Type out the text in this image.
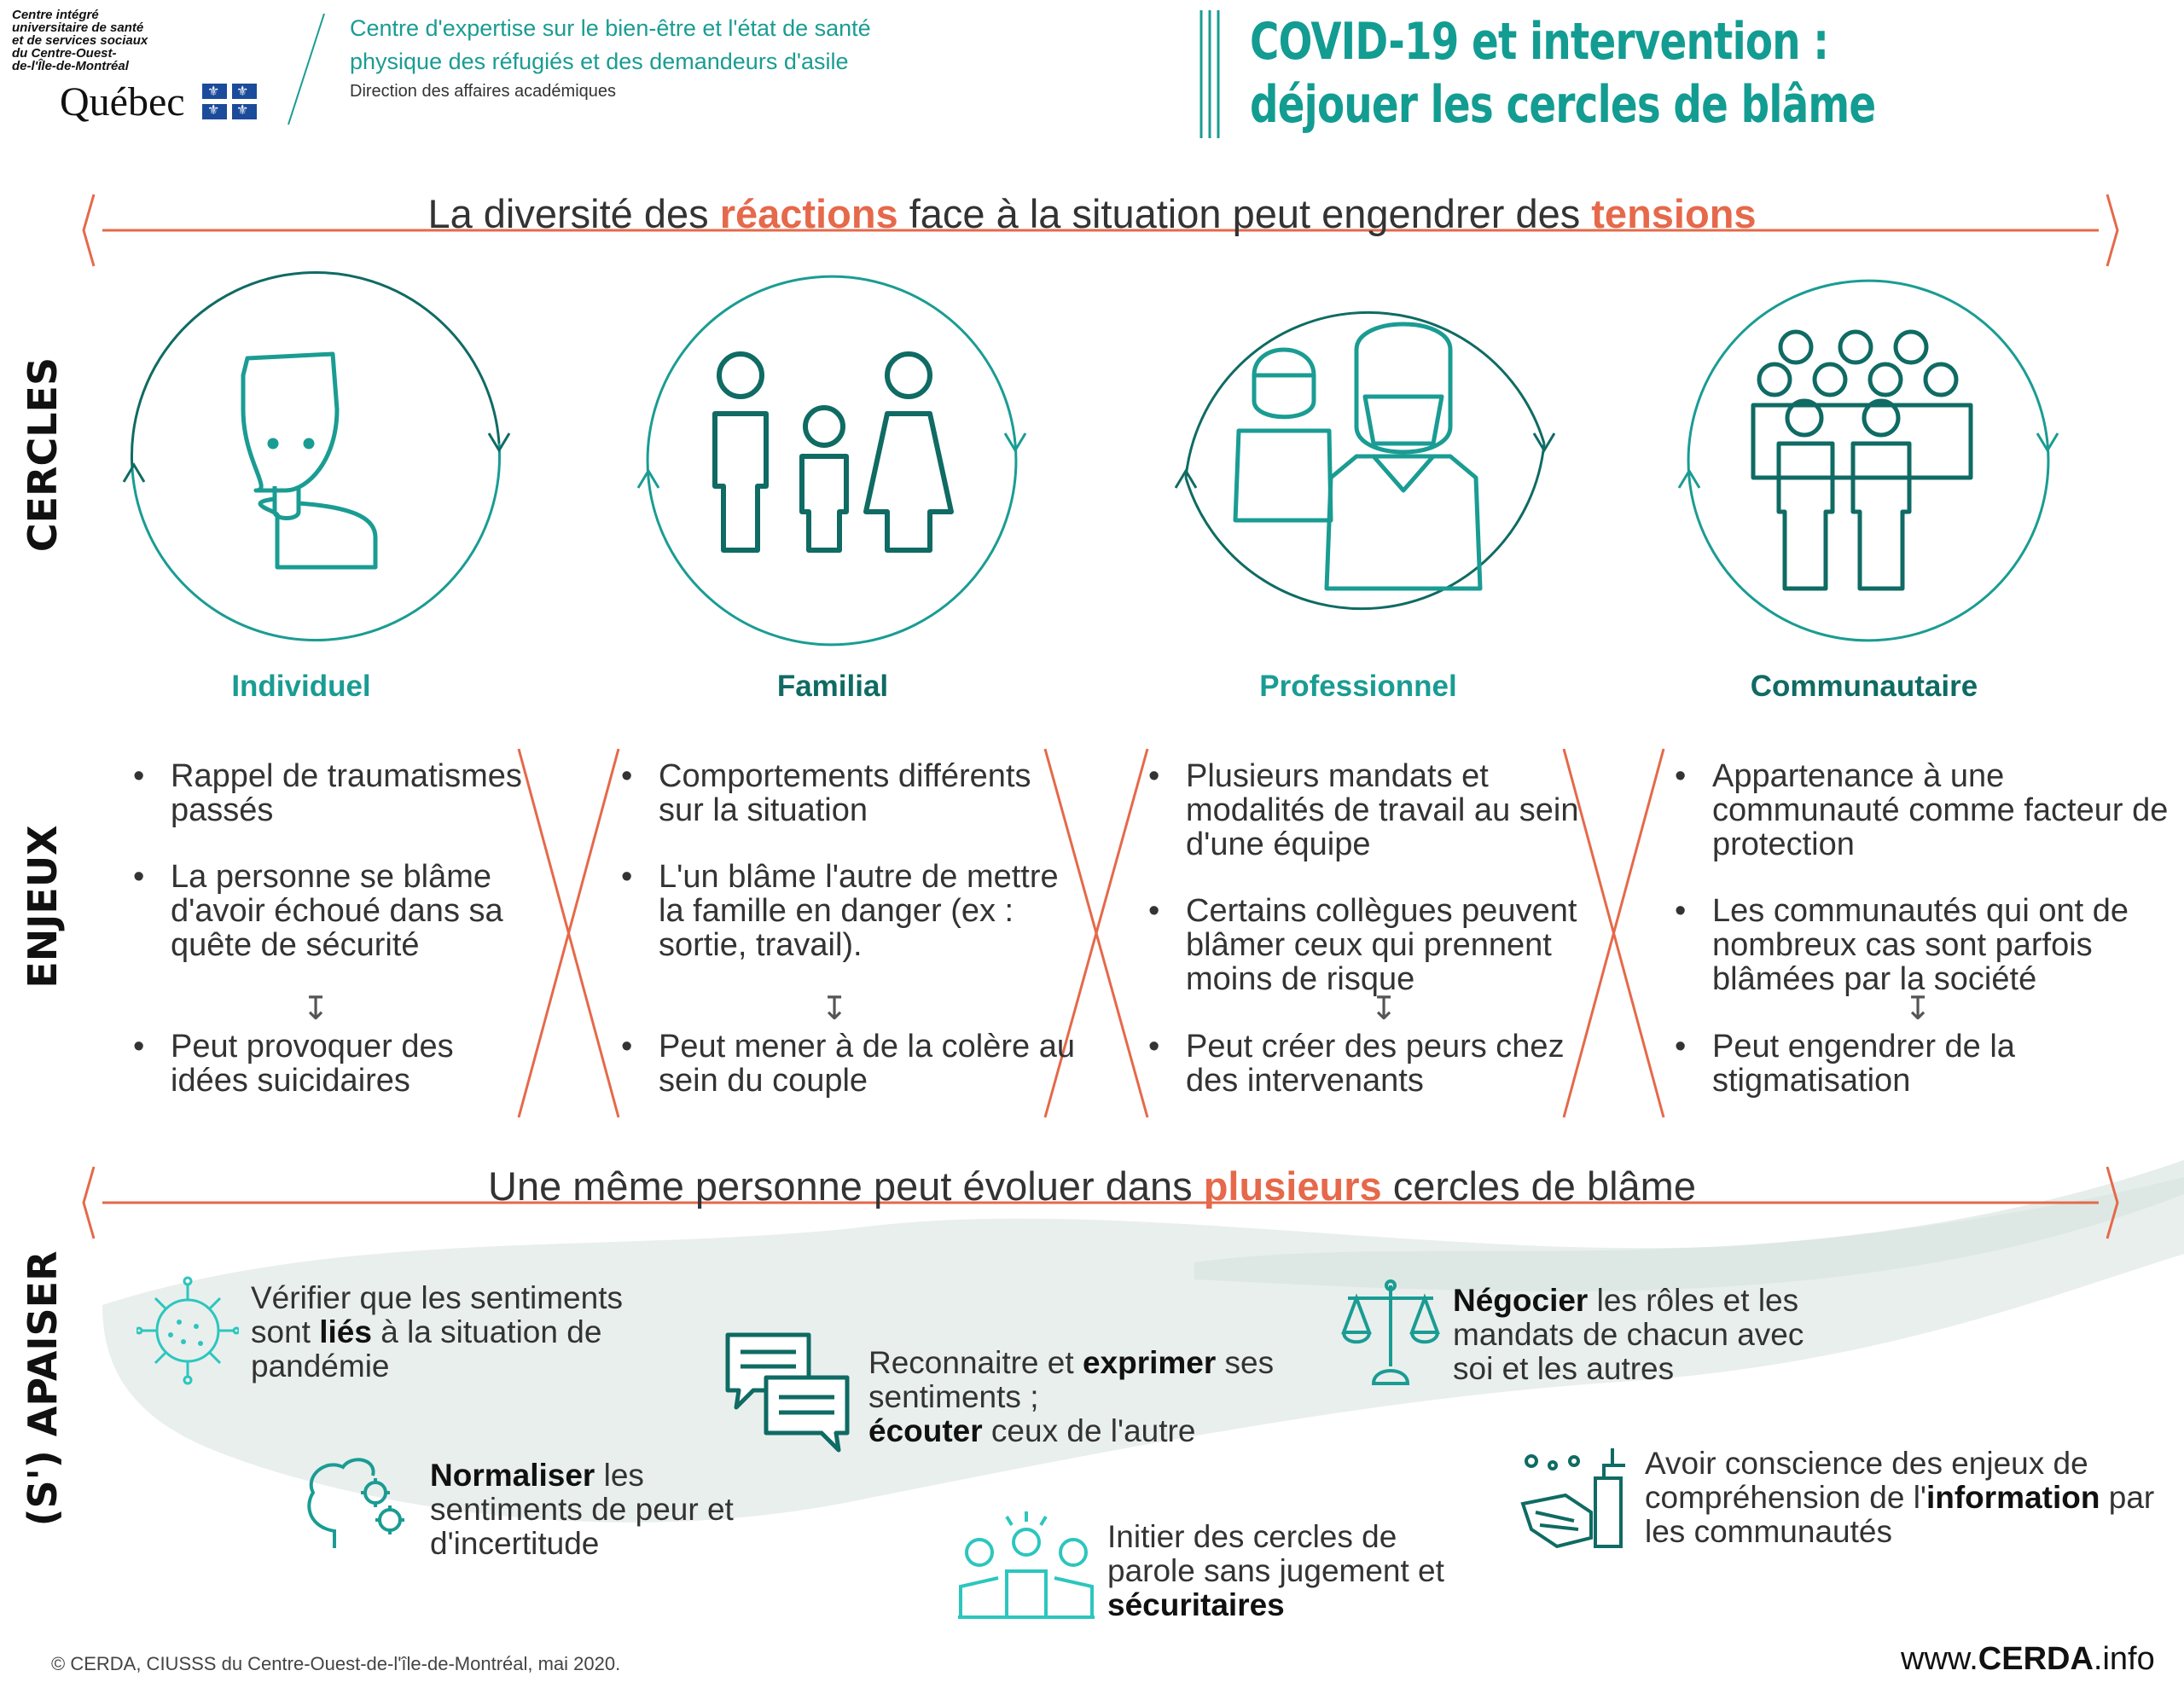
Centre intégré
universitaire de santé
et de services sociaux
du Centre-Ouest-
de-l'Île-de-Montréal
Québec ⚜ ⚜
⚜ ⚜
Centre d'expertise sur le bien-être et l'état de santé
physique des réfugiés et des demandeurs d'asile
Direction des affaires académiques
COVID-19 et intervention :
déjouer les cercles de blâme
La diversité des réactions face à la situation peut engendrer des tensions
CERCLES
ENJEUX
(S') APAISER
Individuel	Familial	Professionnel	Communautaire
• Rappel de traumatismes passés
• La personne se blâme d'avoir échoué dans sa quête de sécurité
↧
• Peut provoquer des idées suicidaires
• Comportements différents sur la situation
• L'un blâme l'autre de mettre la famille en danger (ex : sortie, travail).
↧
• Peut mener à de la colère au sein du couple
• Plusieurs mandats et modalités de travail au sein d'une équipe
• Certains collègues peuvent blâmer ceux qui prennent moins de risque
↧
• Peut créer des peurs chez des intervenants
• Appartenance à une communauté comme facteur de protection
• Les communautés qui ont de nombreux cas sont parfois blâmées par la société
↧
• Peut engendrer de la stigmatisation
Une même personne peut évoluer dans plusieurs cercles de blâme
Vérifier que les sentiments sont liés à la situation de pandémie
Normaliser les sentiments de peur et d'incertitude
Reconnaitre et exprimer ses sentiments ;
écouter ceux de l'autre
Initier des cercles de parole sans jugement et sécuritaires
Négocier les rôles et les mandats de chacun avec soi et les autres
Avoir conscience des enjeux de compréhension de l'information par les communautés
© CERDA, CIUSSS du Centre-Ouest-de-l'île-de-Montréal, mai 2020.	www.CERDA.info
